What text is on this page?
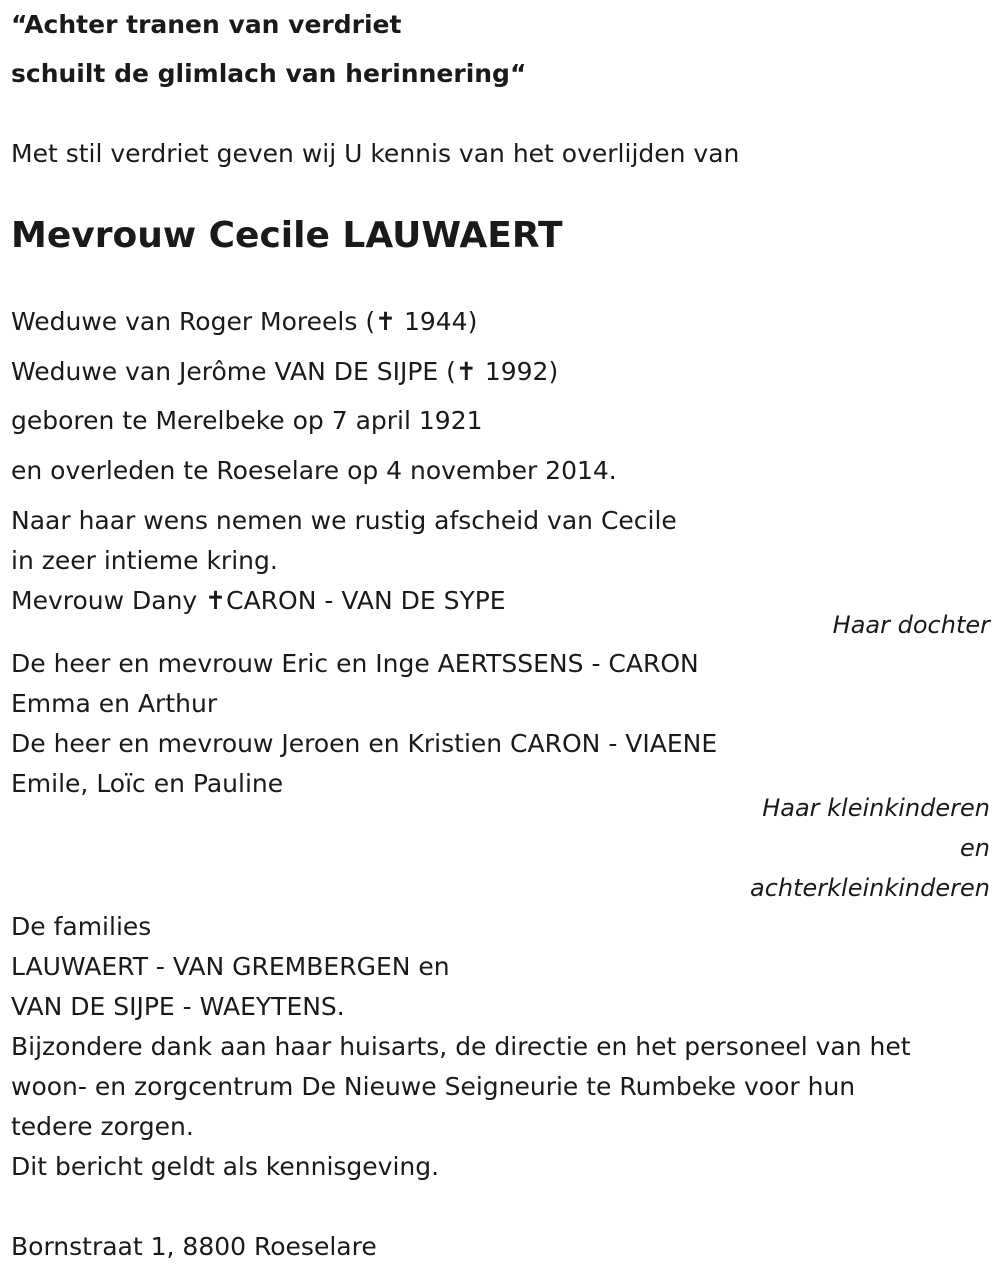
“Achter tranen van verdriet
schuilt de glimlach van herinnering“
Met stil verdriet geven wij U kennis van het overlijden van
Mevrouw Cecile LAUWAERT
Weduwe van Roger Moreels (✝ 1944)
Weduwe van Jerôme VAN DE SIJPE (✝ 1992)
geboren te Merelbeke op 7 april 1921
en overleden te Roeselare op 4 november 2014.
Naar haar wens nemen we rustig afscheid van Cecile
in zeer intieme kring.
Mevrouw Dany ✝CARON - VAN DE SYPE
Haar dochter
De heer en mevrouw Eric en Inge AERTSSENS - CARON
Emma en Arthur
De heer en mevrouw Jeroen en Kristien CARON - VIAENE
Emile, Loïc en Pauline
Haar kleinkinderen
en
achterkleinkinderen
De families
LAUWAERT - VAN GREMBERGEN en
VAN DE SIJPE - WAEYTENS.
Bijzondere dank aan haar huisarts, de directie en het personeel van het
woon- en zorgcentrum De Nieuwe Seigneurie te Rumbeke voor hun
tedere zorgen.
Dit bericht geldt als kennisgeving.
Bornstraat 1, 8800 Roeselare
